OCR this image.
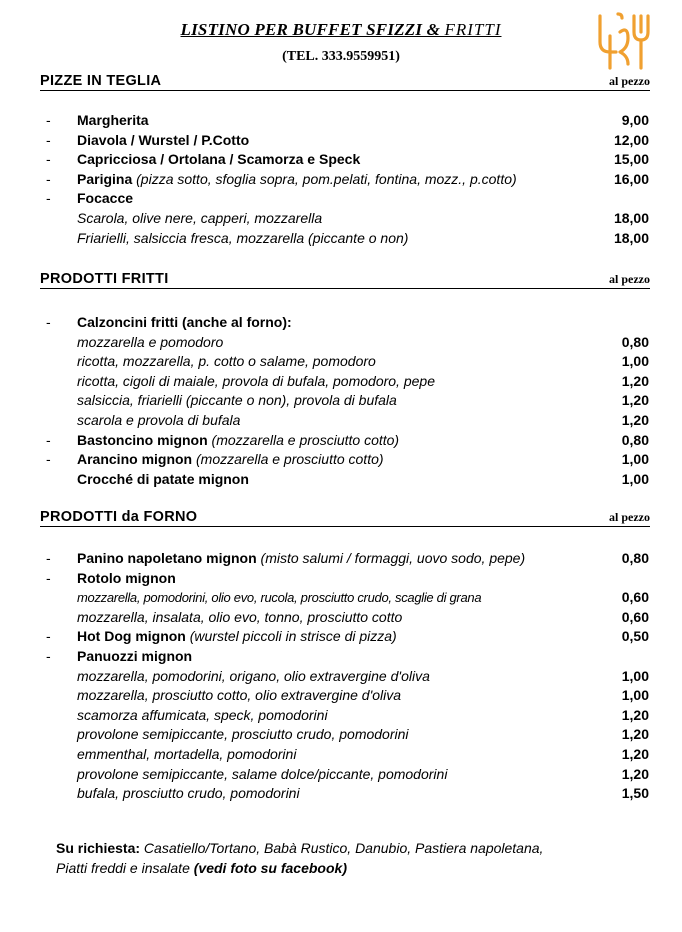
LISTINO PER BUFFET SFIZZI & FRITTI
(TEL. 333.9559951)
PIZZE IN TEGLIA	al pezzo
- Margherita	9,00
- Diavola / Wurstel / P.Cotto	12,00
- Capricciosa / Ortolana / Scamorza e Speck	15,00
- Parigina (pizza sotto, sfoglia sopra, pom.pelati, fontina, mozz., p.cotto)	16,00
- Focacce
Scarola, olive nere, capperi, mozzarella	18,00
Friarielli, salsiccia fresca, mozzarella (piccante o non)	18,00
PRODOTTI FRITTI	al pezzo
- Calzoncini fritti (anche al forno):
mozzarella e pomodoro	0,80
ricotta, mozzarella, p. cotto o salame, pomodoro	1,00
ricotta, cigoli di maiale, provola di bufala, pomodoro, pepe	1,20
salsiccia, friarielli (piccante o non), provola di bufala	1,20
scarola e provola di bufala	1,20
- Bastoncino mignon (mozzarella e prosciutto cotto)	0,80
- Arancino mignon (mozzarella e prosciutto cotto)	1,00
Crocché di patate mignon	1,00
PRODOTTI da FORNO	al pezzo
- Panino napoletano mignon (misto salumi / formaggi, uovo sodo, pepe)	0,80
- Rotolo mignon
mozzarella, pomodorini, olio evo, rucola, prosciutto crudo, scaglie di grana	0,60
mozzarella, insalata, olio evo, tonno, prosciutto cotto	0,60
- Hot Dog mignon (wurstel piccoli in strisce di pizza)	0,50
- Panuozzi mignon
mozzarella, pomodorini, origano, olio extravergine d'oliva	1,00
mozzarella, prosciutto cotto, olio extravergine d'oliva	1,00
scamorza affumicata, speck, pomodorini	1,20
provolone semipiccante, prosciutto crudo, pomodorini	1,20
emmenthal, mortadella, pomodorini	1,20
provolone semipiccante, salame dolce/piccante, pomodorini	1,20
bufala, prosciutto crudo, pomodorini	1,50
Su richiesta: Casatiello/Tortano, Babà Rustico, Danubio, Pastiera napoletana,
Piatti freddi e insalate (vedi foto su facebook)
